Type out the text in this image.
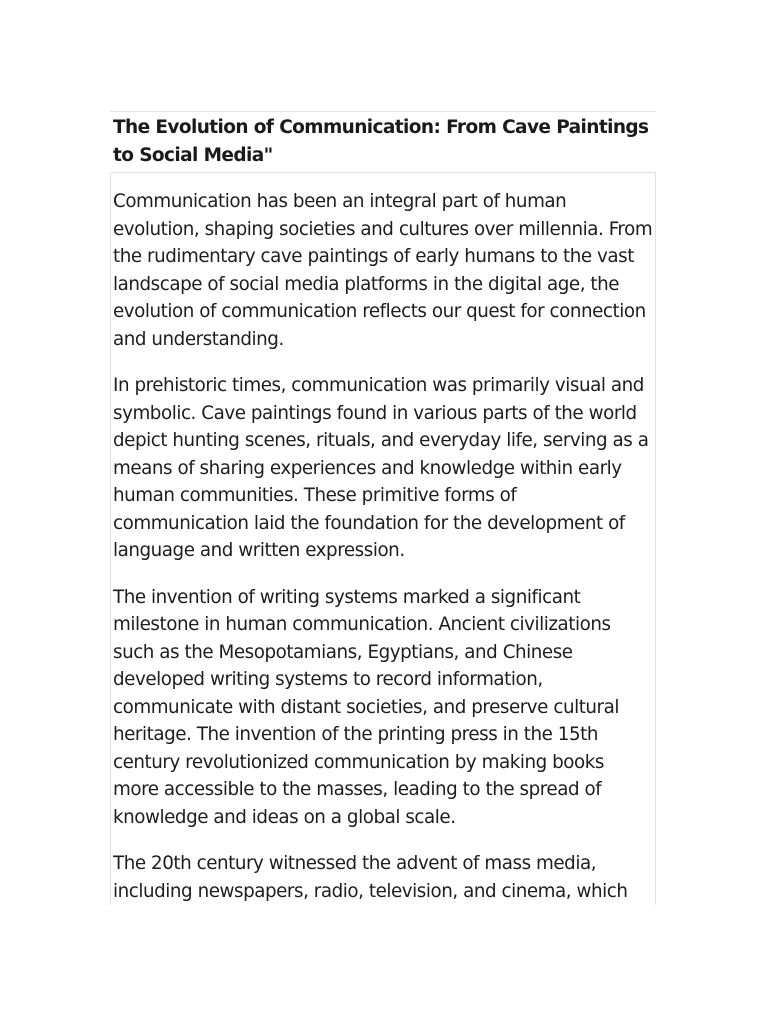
The Evolution of Communication: From Cave Paintings to Social Media"

Communication has been an integral part of human evolution, shaping societies and cultures over millennia. From the rudimentary cave paintings of early humans to the vast landscape of social media platforms in the digital age, the evolution of communication reflects our quest for connection and understanding.

In prehistoric times, communication was primarily visual and symbolic. Cave paintings found in various parts of the world depict hunting scenes, rituals, and everyday life, serving as a means of sharing experiences and knowledge within early human communities. These primitive forms of communication laid the foundation for the development of language and written expression.

The invention of writing systems marked a significant milestone in human communication. Ancient civilizations such as the Mesopotamians, Egyptians, and Chinese developed writing systems to record information, communicate with distant societies, and preserve cultural heritage. The invention of the printing press in the 15th century revolutionized communication by making books more accessible to the masses, leading to the spread of knowledge and ideas on a global scale.

The 20th century witnessed the advent of mass media, including newspapers, radio, television, and cinema, which
